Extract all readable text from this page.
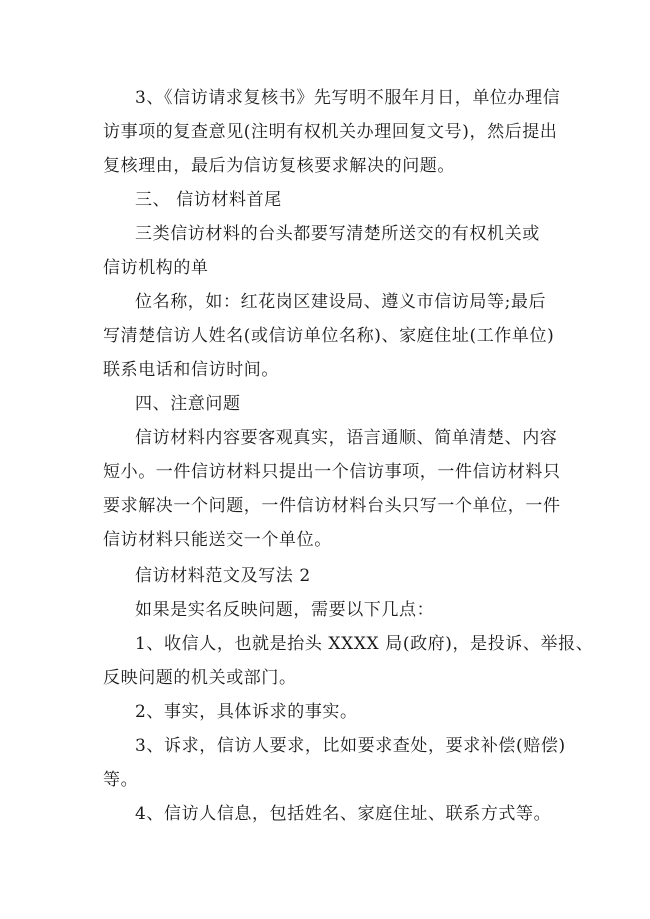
3、《信访请求复核书》先写明不服年月日，单位办理信
访事项的复查意见(注明有权机关办理回复文号)，然后提出
复核理由，最后为信访复核要求解决的问题。
三、 信访材料首尾
三类信访材料的台头都要写清楚所送交的有权机关或
信访机构的单
位名称，如：红花岗区建设局、遵义市信访局等;最后
写清楚信访人姓名(或信访单位名称)、家庭住址(工作单位)
联系电话和信访时间。
四、注意问题
信访材料内容要客观真实，语言通顺、简单清楚、内容
短小。一件信访材料只提出一个信访事项，一件信访材料只
要求解决一个问题，一件信访材料台头只写一个单位，一件
信访材料只能送交一个单位。
信访材料范文及写法 2
如果是实名反映问题，需要以下几点：
1、收信人，也就是抬头 XXXX 局(政府)，是投诉、举报、
反映问题的机关或部门。
2、事实，具体诉求的事实。
3、诉求，信访人要求，比如要求查处，要求补偿(赔偿)
等。
4、信访人信息，包括姓名、家庭住址、联系方式等。
